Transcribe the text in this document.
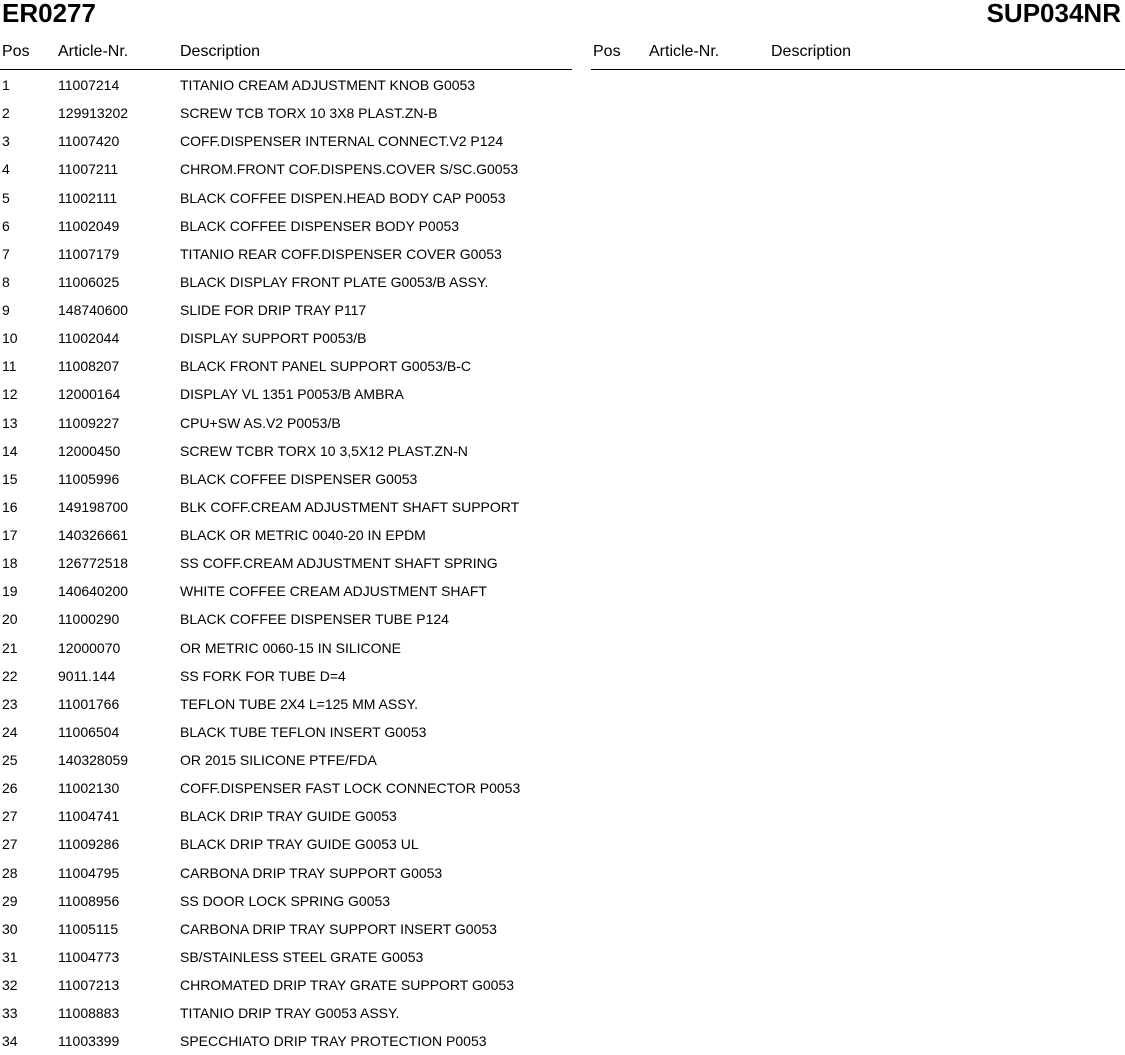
ER0277	SUP034NR
Pos Article-Nr.	Description	Pos Article-Nr.	Description
1	11007214	TITANIO CREAM ADJUSTMENT KNOB G0053
2	129913202	SCREW TCB TORX 10 3X8 PLAST.ZN-B
3	11007420	COFF.DISPENSER INTERNAL CONNECT.V2 P124
4	11007211	CHROM.FRONT COF.DISPENS.COVER S/SC.G0053
5	11002111	BLACK COFFEE DISPEN.HEAD BODY CAP P0053
6	11002049	BLACK COFFEE DISPENSER BODY P0053
7	11007179	TITANIO REAR COFF.DISPENSER COVER G0053
8	11006025	BLACK DISPLAY FRONT PLATE G0053/B ASSY.
9	148740600	SLIDE FOR DRIP TRAY P117
10	11002044	DISPLAY SUPPORT P0053/B
11	11008207	BLACK FRONT PANEL SUPPORT G0053/B-C
12	12000164	DISPLAY VL 1351 P0053/B AMBRA
13	11009227	CPU+SW AS.V2 P0053/B
14	12000450	SCREW TCBR TORX 10 3,5X12 PLAST.ZN-N
15	11005996	BLACK COFFEE DISPENSER G0053
16	149198700	BLK COFF.CREAM ADJUSTMENT SHAFT SUPPORT
17	140326661	BLACK OR METRIC 0040-20 IN EPDM
18	126772518	SS COFF.CREAM ADJUSTMENT SHAFT SPRING
19	140640200	WHITE COFFEE CREAM ADJUSTMENT SHAFT
20	11000290	BLACK COFFEE DISPENSER TUBE P124
21	12000070	OR METRIC 0060-15 IN SILICONE
22	9011.144	SS FORK FOR TUBE D=4
23	11001766	TEFLON TUBE 2X4 L=125 MM ASSY.
24	11006504	BLACK TUBE TEFLON INSERT G0053
25	140328059	OR 2015 SILICONE PTFE/FDA
26	11002130	COFF.DISPENSER FAST LOCK CONNECTOR P0053
27	11004741	BLACK DRIP TRAY GUIDE G0053
27	11009286	BLACK DRIP TRAY GUIDE G0053 UL
28	11004795	CARBONA DRIP TRAY SUPPORT G0053
29	11008956	SS DOOR LOCK SPRING G0053
30	11005115	CARBONA DRIP TRAY SUPPORT INSERT G0053
31	11004773	SB/STAINLESS STEEL GRATE G0053
32	11007213	CHROMATED DRIP TRAY GRATE SUPPORT G0053
33	11008883	TITANIO DRIP TRAY G0053 ASSY.
34	11003399	SPECCHIATO DRIP TRAY PROTECTION P0053
